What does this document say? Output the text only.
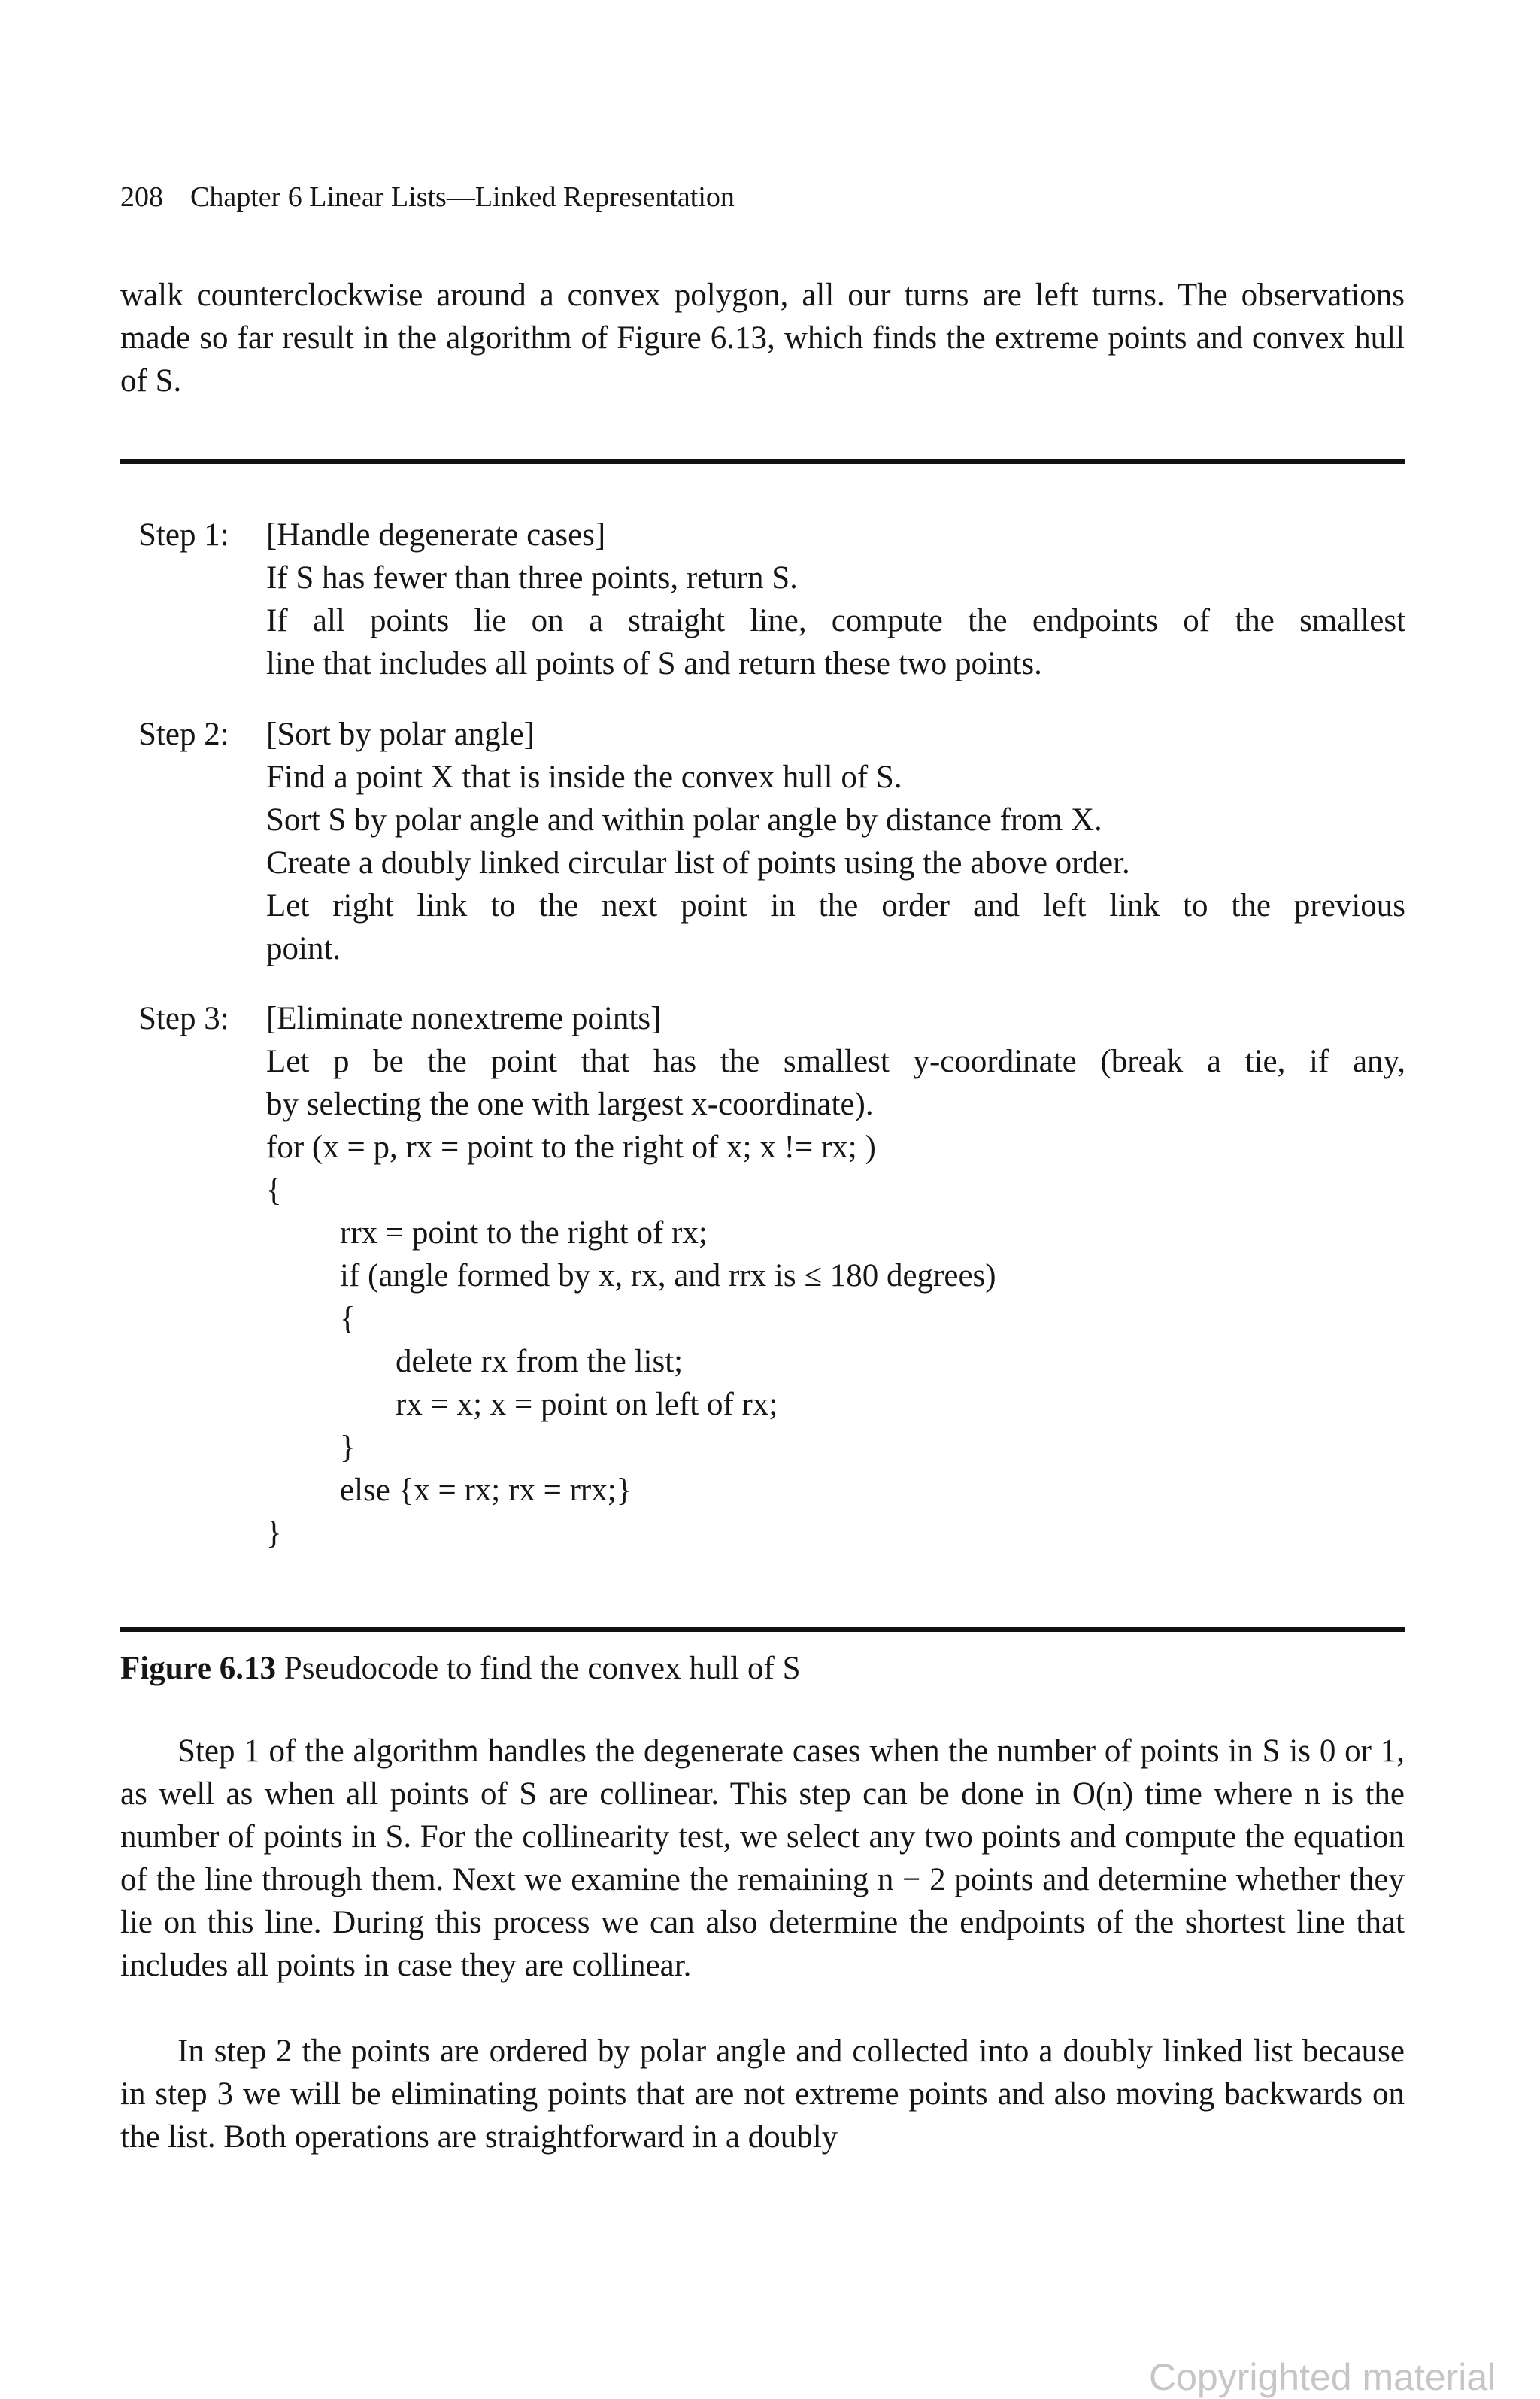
208 Chapter 6 Linear Lists—Linked Representation
walk counterclockwise around a convex polygon, all our turns are left turns. The observations made so far result in the algorithm of Figure 6.13, which finds the extreme points and convex hull of S.
Step 1: [Handle degenerate cases]
If S has fewer than three points, return S.
If all points lie on a straight line, compute the endpoints of the smallest
line that includes all points of S and return these two points.
Step 2: [Sort by polar angle]
Find a point X that is inside the convex hull of S.
Sort S by polar angle and within polar angle by distance from X.
Create a doubly linked circular list of points using the above order.
Let right link to the next point in the order and left link to the previous
point.
Step 3: [Eliminate nonextreme points]
Let p be the point that has the smallest y-coordinate (break a tie, if any,
by selecting the one with largest x-coordinate).
for (x = p, rx = point to the right of x; x != rx; )
{
rrx = point to the right of rx;
if (angle formed by x, rx, and rrx is ≤ 180 degrees)
{
delete rx from the list;
rx = x; x = point on left of rx;
}
else {x = rx; rx = rrx;}
}
Figure 6.13 Pseudocode to find the convex hull of S
Step 1 of the algorithm handles the degenerate cases when the number of points in S is 0 or 1, as well as when all points of S are collinear. This step can be done in O(n) time where n is the number of points in S. For the collinearity test, we select any two points and compute the equation of the line through them. Next we examine the remaining n − 2 points and determine whether they lie on this line. During this process we can also determine the endpoints of the shortest line that includes all points in case they are collinear.
In step 2 the points are ordered by polar angle and collected into a doubly linked list because in step 3 we will be eliminating points that are not extreme points and also moving backwards on the list. Both operations are straightforward in a doubly
Copyrighted material
